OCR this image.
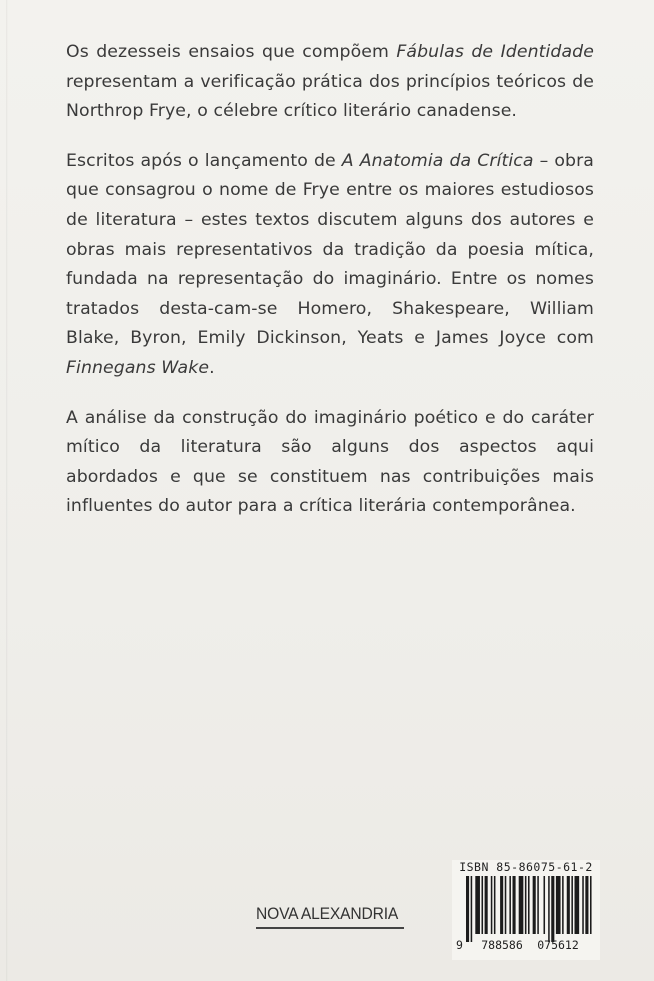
Os dezesseis ensaios que compõem Fábulas de Identidade representam a verificação prática dos princípios teóricos de Northrop Frye, o célebre crítico literário canadense.

Escritos após o lançamento de A Anatomia da Crítica – obra que consagrou o nome de Frye entre os maiores estudiosos de literatura – estes textos discutem alguns dos autores e obras mais representativos da tradição da poesia mítica, fundada na representação do imaginário. Entre os nomes tratados desta-cam-se Homero, Shakespeare, William Blake, Byron, Emily Dickinson, Yeats e James Joyce com Finnegans Wake.

A análise da construção do imaginário poético e do caráter mítico da literatura são alguns dos aspectos aqui abordados e que se constituem nas contribuições mais influentes do autor para a crítica literária contemporânea.

NOVA ALEXANDRIA
ISBN 85-86075-61-2
9 788586 075612
